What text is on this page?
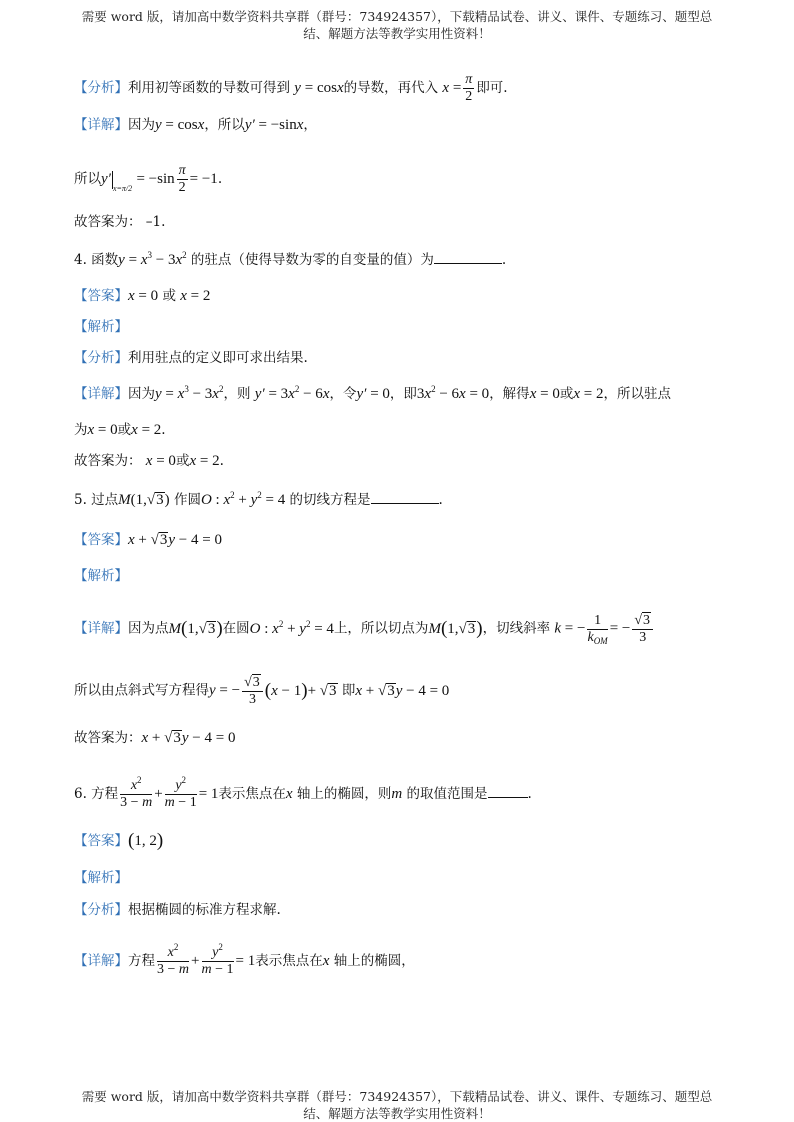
需要 word 版，请加高中数学资料共享群（群号：734924357），下载精品试卷、讲义、课件、专题练习、题型总
结、解题方法等教学实用性资料！
【分析】利用初等函数的导数可得到 y = cosx的导数，再代入 $x = \frac{\pi}{2}$ 即可.
【详解】因为y = cosx，所以y′ = −sinx，
所以$y'x=\pi/2 = -\sin \frac{\pi}{2} = -1$.
故答案为： –1.
4. 函数$y = x^3 - 3x^2$ 的驻点（使得导数为零的自变量的值）为	.
【答案】x = 0 或 x = 2
【解析】
【分析】利用驻点的定义即可求出结果.
【详解】因为$y = x^3 - 3x^2$，则 $y' = 3x^2 - 6x$，令y′ = 0，即$3x^2 - 6x = 0$，解得x = 0或x = 2，所以驻点
为x = 0或x = 2.
故答案为： x = 0或x = 2.
5. 过点M(1,√3) 作圆O : $x^2 + y^2 = 4$ 的切线方程是	.
【答案】x + √3y − 4 = 0
【解析】
【详解】因为点M(1,√3)在圆O : $x^2 + y^2 = 4$上，所以切点为M(1,√3)，切线斜率 k = − $\frac{1}{k_{OM}}$ = − $\frac{√3}{3}$
所以由点斜式写方程得y = − $\frac{√3}{3} (x - 1)+ √3$ 即x + √3y − 4 = 0
故答案为：x + √3y − 4 = 0
6. 方程 $\frac{x^2}{3 - m} + \frac{y^2}{m - 1} = 1$表示焦点在x 轴上的椭圆，则m 的取值范围是	.
【答案】(1, 2)
【解析】
【分析】根据椭圆的标准方程求解.
【详解】方程 $\frac{x^2}{3 - m} + \frac{y^2}{m - 1} = 1$表示焦点在x 轴上的椭圆，
需要 word 版，请加高中数学资料共享群（群号：734924357），下载精品试卷、讲义、课件、专题练习、题型总
结、解题方法等教学实用性资料！
